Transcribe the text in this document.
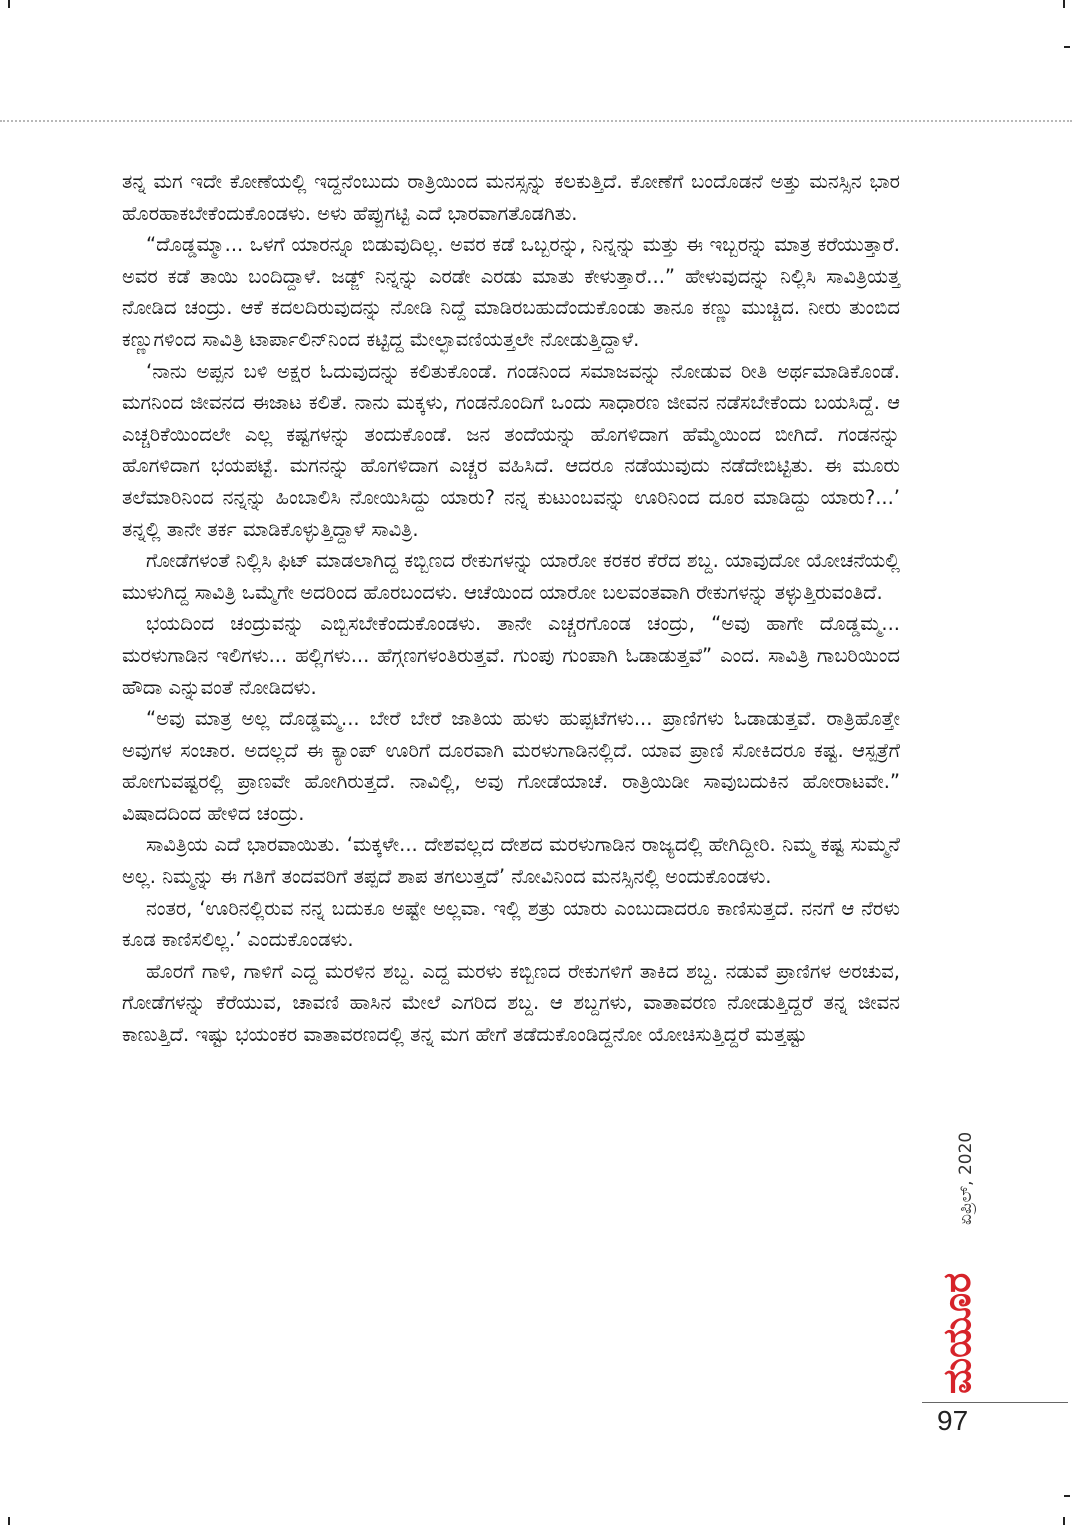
ತನ್ನ ಮಗ ಇದೇ ಕೋಣೆಯಲ್ಲಿ ಇದ್ದನೆಂಬುದು ರಾತ್ರಿಯಿಂದ ಮನಸ್ಸನ್ನು ಕಲಕುತ್ತಿದೆ. ಕೋಣೆಗೆ ಬಂದೊಡನೆ ಅತ್ತು ಮನಸ್ಸಿನ ಭಾರ ಹೊರಹಾಕಬೇಕೆಂದುಕೊಂಡಳು. ಅಳು ಹೆಪ್ಪುಗಟ್ಟಿ ಎದೆ ಭಾರವಾಗತೊಡಗಿತು.

“ದೊಡ್ಡಮ್ಮಾ... ಒಳಗೆ ಯಾರನ್ನೂ ಬಿಡುವುದಿಲ್ಲ. ಅವರ ಕಡೆ ಒಬ್ಬರನ್ನು, ನಿನ್ನನ್ನು ಮತ್ತು ಈ ಇಬ್ಬರನ್ನು ಮಾತ್ರ ಕರೆಯುತ್ತಾರೆ. ಅವರ ಕಡೆ ತಾಯಿ ಬಂದಿದ್ದಾಳೆ. ಜಡ್ಜ್ ನಿನ್ನನ್ನು ಎರಡೇ ಎರಡು ಮಾತು ಕೇಳುತ್ತಾರೆ...” ಹೇಳುವುದನ್ನು ನಿಲ್ಲಿಸಿ ಸಾವಿತ್ರಿಯತ್ತ ನೋಡಿದ ಚಂದ್ರು. ಆಕೆ ಕದಲದಿರುವುದನ್ನು ನೋಡಿ ನಿದ್ದೆ ಮಾಡಿರಬಹುದೆಂದುಕೊಂಡು ತಾನೂ ಕಣ್ಣು ಮುಚ್ಚಿದ. ನೀರು ತುಂಬಿದ ಕಣ್ಣುಗಳಿಂದ ಸಾವಿತ್ರಿ ಟಾರ್ಪಾಲಿನ್‌ನಿಂದ ಕಟ್ಟಿದ್ದ ಮೇಲ್ಛಾವಣಿಯತ್ತಲೇ ನೋಡುತ್ತಿದ್ದಾಳೆ.

‘ನಾನು ಅಪ್ಪನ ಬಳಿ ಅಕ್ಷರ ಓದುವುದನ್ನು ಕಲಿತುಕೊಂಡೆ. ಗಂಡನಿಂದ ಸಮಾಜವನ್ನು ನೋಡುವ ರೀತಿ ಅರ್ಥಮಾಡಿಕೊಂಡೆ. ಮಗನಿಂದ ಜೀವನದ ಈಜಾಟ ಕಲಿತೆ. ನಾನು ಮಕ್ಕಳು, ಗಂಡನೊಂದಿಗೆ ಒಂದು ಸಾಧಾರಣ ಜೀವನ ನಡೆಸಬೇಕೆಂದು ಬಯಸಿದ್ದೆ. ಆ ಎಚ್ಚರಿಕೆಯಿಂದಲೇ ಎಲ್ಲ ಕಷ್ಟಗಳನ್ನು ತಂದುಕೊಂಡೆ. ಜನ ತಂದೆಯನ್ನು ಹೊಗಳಿದಾಗ ಹೆಮ್ಮೆಯಿಂದ ಬೀಗಿದೆ. ಗಂಡನನ್ನು ಹೊಗಳಿದಾಗ ಭಯಪಟ್ಟೆ. ಮಗನನ್ನು ಹೊಗಳಿದಾಗ ಎಚ್ಚರ ವಹಿಸಿದೆ. ಆದರೂ ನಡೆಯುವುದು ನಡೆದೇಬಿಟ್ಟಿತು. ಈ ಮೂರು ತಲೆಮಾರಿನಿಂದ ನನ್ನನ್ನು ಹಿಂಬಾಲಿಸಿ ನೋಯಿಸಿದ್ದು ಯಾರು? ನನ್ನ ಕುಟುಂಬವನ್ನು ಊರಿನಿಂದ ದೂರ ಮಾಡಿದ್ದು ಯಾರು?...’ ತನ್ನಲ್ಲಿ ತಾನೇ ತರ್ಕ ಮಾಡಿಕೊಳ್ಳುತ್ತಿದ್ದಾಳೆ ಸಾವಿತ್ರಿ.

ಗೋಡೆಗಳಂತೆ ನಿಲ್ಲಿಸಿ ಫಿಟ್ ಮಾಡಲಾಗಿದ್ದ ಕಬ್ಬಿಣದ ರೇಕುಗಳನ್ನು ಯಾರೋ ಕರಕರ ಕೆರೆದ ಶಬ್ದ. ಯಾವುದೋ ಯೋಚನೆಯಲ್ಲಿ ಮುಳುಗಿದ್ದ ಸಾವಿತ್ರಿ ಒಮ್ಮೆಗೇ ಅದರಿಂದ ಹೊರಬಂದಳು. ಆಚೆಯಿಂದ ಯಾರೋ ಬಲವಂತವಾಗಿ ರೇಕುಗಳನ್ನು ತಳ್ಳುತ್ತಿರುವಂತಿದೆ.

ಭಯದಿಂದ ಚಂದ್ರುವನ್ನು ಎಬ್ಬಿಸಬೇಕೆಂದುಕೊಂಡಳು. ತಾನೇ ಎಚ್ಚರಗೊಂಡ ಚಂದ್ರು, “ಅವು ಹಾಗೇ ದೊಡ್ಡಮ್ಮ... ಮರಳುಗಾಡಿನ ಇಲಿಗಳು... ಹಲ್ಲಿಗಳು... ಹೆಗ್ಗಣಗಳಂತಿರುತ್ತವೆ. ಗುಂಪು ಗುಂಪಾಗಿ ಓಡಾಡುತ್ತವೆ” ಎಂದ. ಸಾವಿತ್ರಿ ಗಾಬರಿಯಿಂದ ಹೌದಾ ಎನ್ನುವಂತೆ ನೋಡಿದಳು.

“ಅವು ಮಾತ್ರ ಅಲ್ಲ ದೊಡ್ಡಮ್ಮ... ಬೇರೆ ಬೇರೆ ಜಾತಿಯ ಹುಳು ಹುಪ್ಪಟೆಗಳು... ಪ್ರಾಣಿಗಳು ಓಡಾಡುತ್ತವೆ. ರಾತ್ರಿಹೊತ್ತೇ ಅವುಗಳ ಸಂಚಾರ. ಅದಲ್ಲದೆ ಈ ಕ್ಯಾಂಪ್ ಊರಿಗೆ ದೂರವಾಗಿ ಮರಳುಗಾಡಿನಲ್ಲಿದೆ. ಯಾವ ಪ್ರಾಣಿ ಸೋಕಿದರೂ ಕಷ್ಟ. ಆಸ್ಪತ್ರೆಗೆ ಹೋಗುವಷ್ಟರಲ್ಲಿ ಪ್ರಾಣವೇ ಹೋಗಿರುತ್ತದೆ. ನಾವಿಲ್ಲಿ, ಅವು ಗೋಡೆಯಾಚೆ. ರಾತ್ರಿಯಿಡೀ ಸಾವುಬದುಕಿನ ಹೋರಾಟವೇ.” ವಿಷಾದದಿಂದ ಹೇಳಿದ ಚಂದ್ರು.

ಸಾವಿತ್ರಿಯ ಎದೆ ಭಾರವಾಯಿತು. ‘ಮಕ್ಕಳೇ... ದೇಶವಲ್ಲದ ದೇಶದ ಮರಳುಗಾಡಿನ ರಾಜ್ಯದಲ್ಲಿ ಹೇಗಿದ್ದೀರಿ. ನಿಮ್ಮ ಕಷ್ಟ ಸುಮ್ಮನೆ ಅಲ್ಲ. ನಿಮ್ಮನ್ನು ಈ ಗತಿಗೆ ತಂದವರಿಗೆ ತಪ್ಪದೆ ಶಾಪ ತಗಲುತ್ತದೆ’ ನೋವಿನಿಂದ ಮನಸ್ಸಿನಲ್ಲಿ ಅಂದುಕೊಂಡಳು.

ನಂತರ, ‘ಊರಿನಲ್ಲಿರುವ ನನ್ನ ಬದುಕೂ ಅಷ್ಟೇ ಅಲ್ಲವಾ. ಇಲ್ಲಿ ಶತ್ರು ಯಾರು ಎಂಬುದಾದರೂ ಕಾಣಿಸುತ್ತದೆ. ನನಗೆ ಆ ನೆರಳು ಕೂಡ ಕಾಣಿಸಲಿಲ್ಲ.’ ಎಂದುಕೊಂಡಳು.

ಹೊರಗೆ ಗಾಳಿ, ಗಾಳಿಗೆ ಎದ್ದ ಮರಳಿನ ಶಬ್ದ. ಎದ್ದ ಮರಳು ಕಬ್ಬಿಣದ ರೇಕುಗಳಿಗೆ ತಾಕಿದ ಶಬ್ದ. ನಡುವೆ ಪ್ರಾಣಿಗಳ ಅರಚುವ, ಗೋಡೆಗಳನ್ನು ಕೆರೆಯುವ, ಚಾವಣಿ ಹಾಸಿನ ಮೇಲೆ ಎಗರಿದ ಶಬ್ದ. ಆ ಶಬ್ದಗಳು, ವಾತಾವರಣ ನೋಡುತ್ತಿದ್ದರೆ ತನ್ನ ಜೀವನ ಕಾಣುತ್ತಿದೆ. ಇಷ್ಟು ಭಯಂಕರ ವಾತಾವರಣದಲ್ಲಿ ತನ್ನ ಮಗ ಹೇಗೆ ತಡೆದುಕೊಂಡಿದ್ದನೋ ಯೋಚಿಸುತ್ತಿದ್ದರೆ ಮತ್ತಷ್ಟು

ಏಪ್ರಿಲ್, 2020
ಮಯೂರ
97
